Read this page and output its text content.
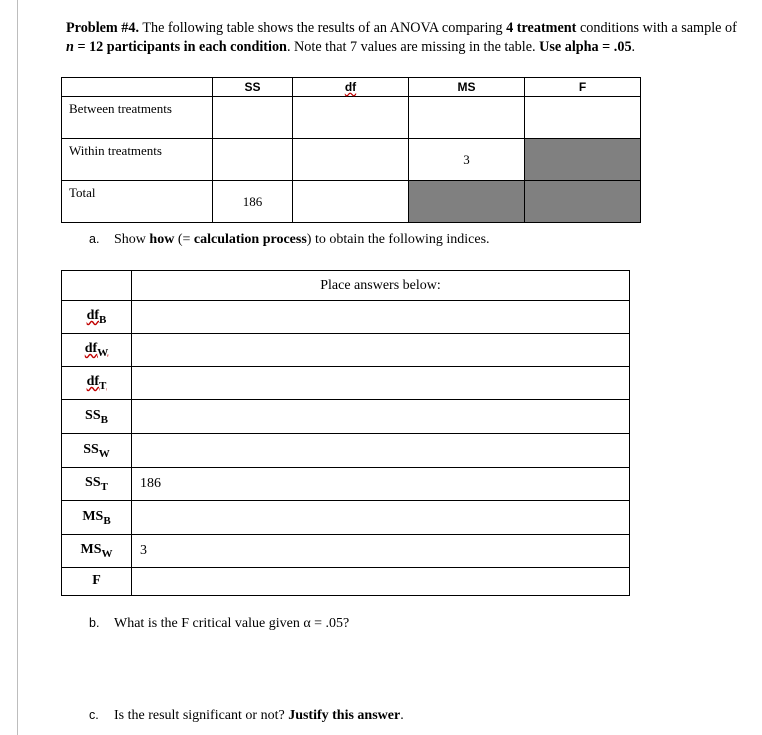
Problem #4. The following table shows the results of an ANOVA comparing 4 treatment conditions with a sample of
n = 12 participants in each condition. Note that 7 values are missing in the table. Use alpha = .05.
	SS	df	MS	F
Between treatments				
Within treatments			3	
Total	186			
a. Show how (= calculation process) to obtain the following indices.
	Place answers below:
$df_B$	
$df_W$	
$df_T$	
$SS_B$	
$SS_W$	
$SS_T$	186
$MS_B$	
$MS_W$	3
F	
b. What is the F critical value given α = .05?
c. Is the result significant or not? Justify this answer.
